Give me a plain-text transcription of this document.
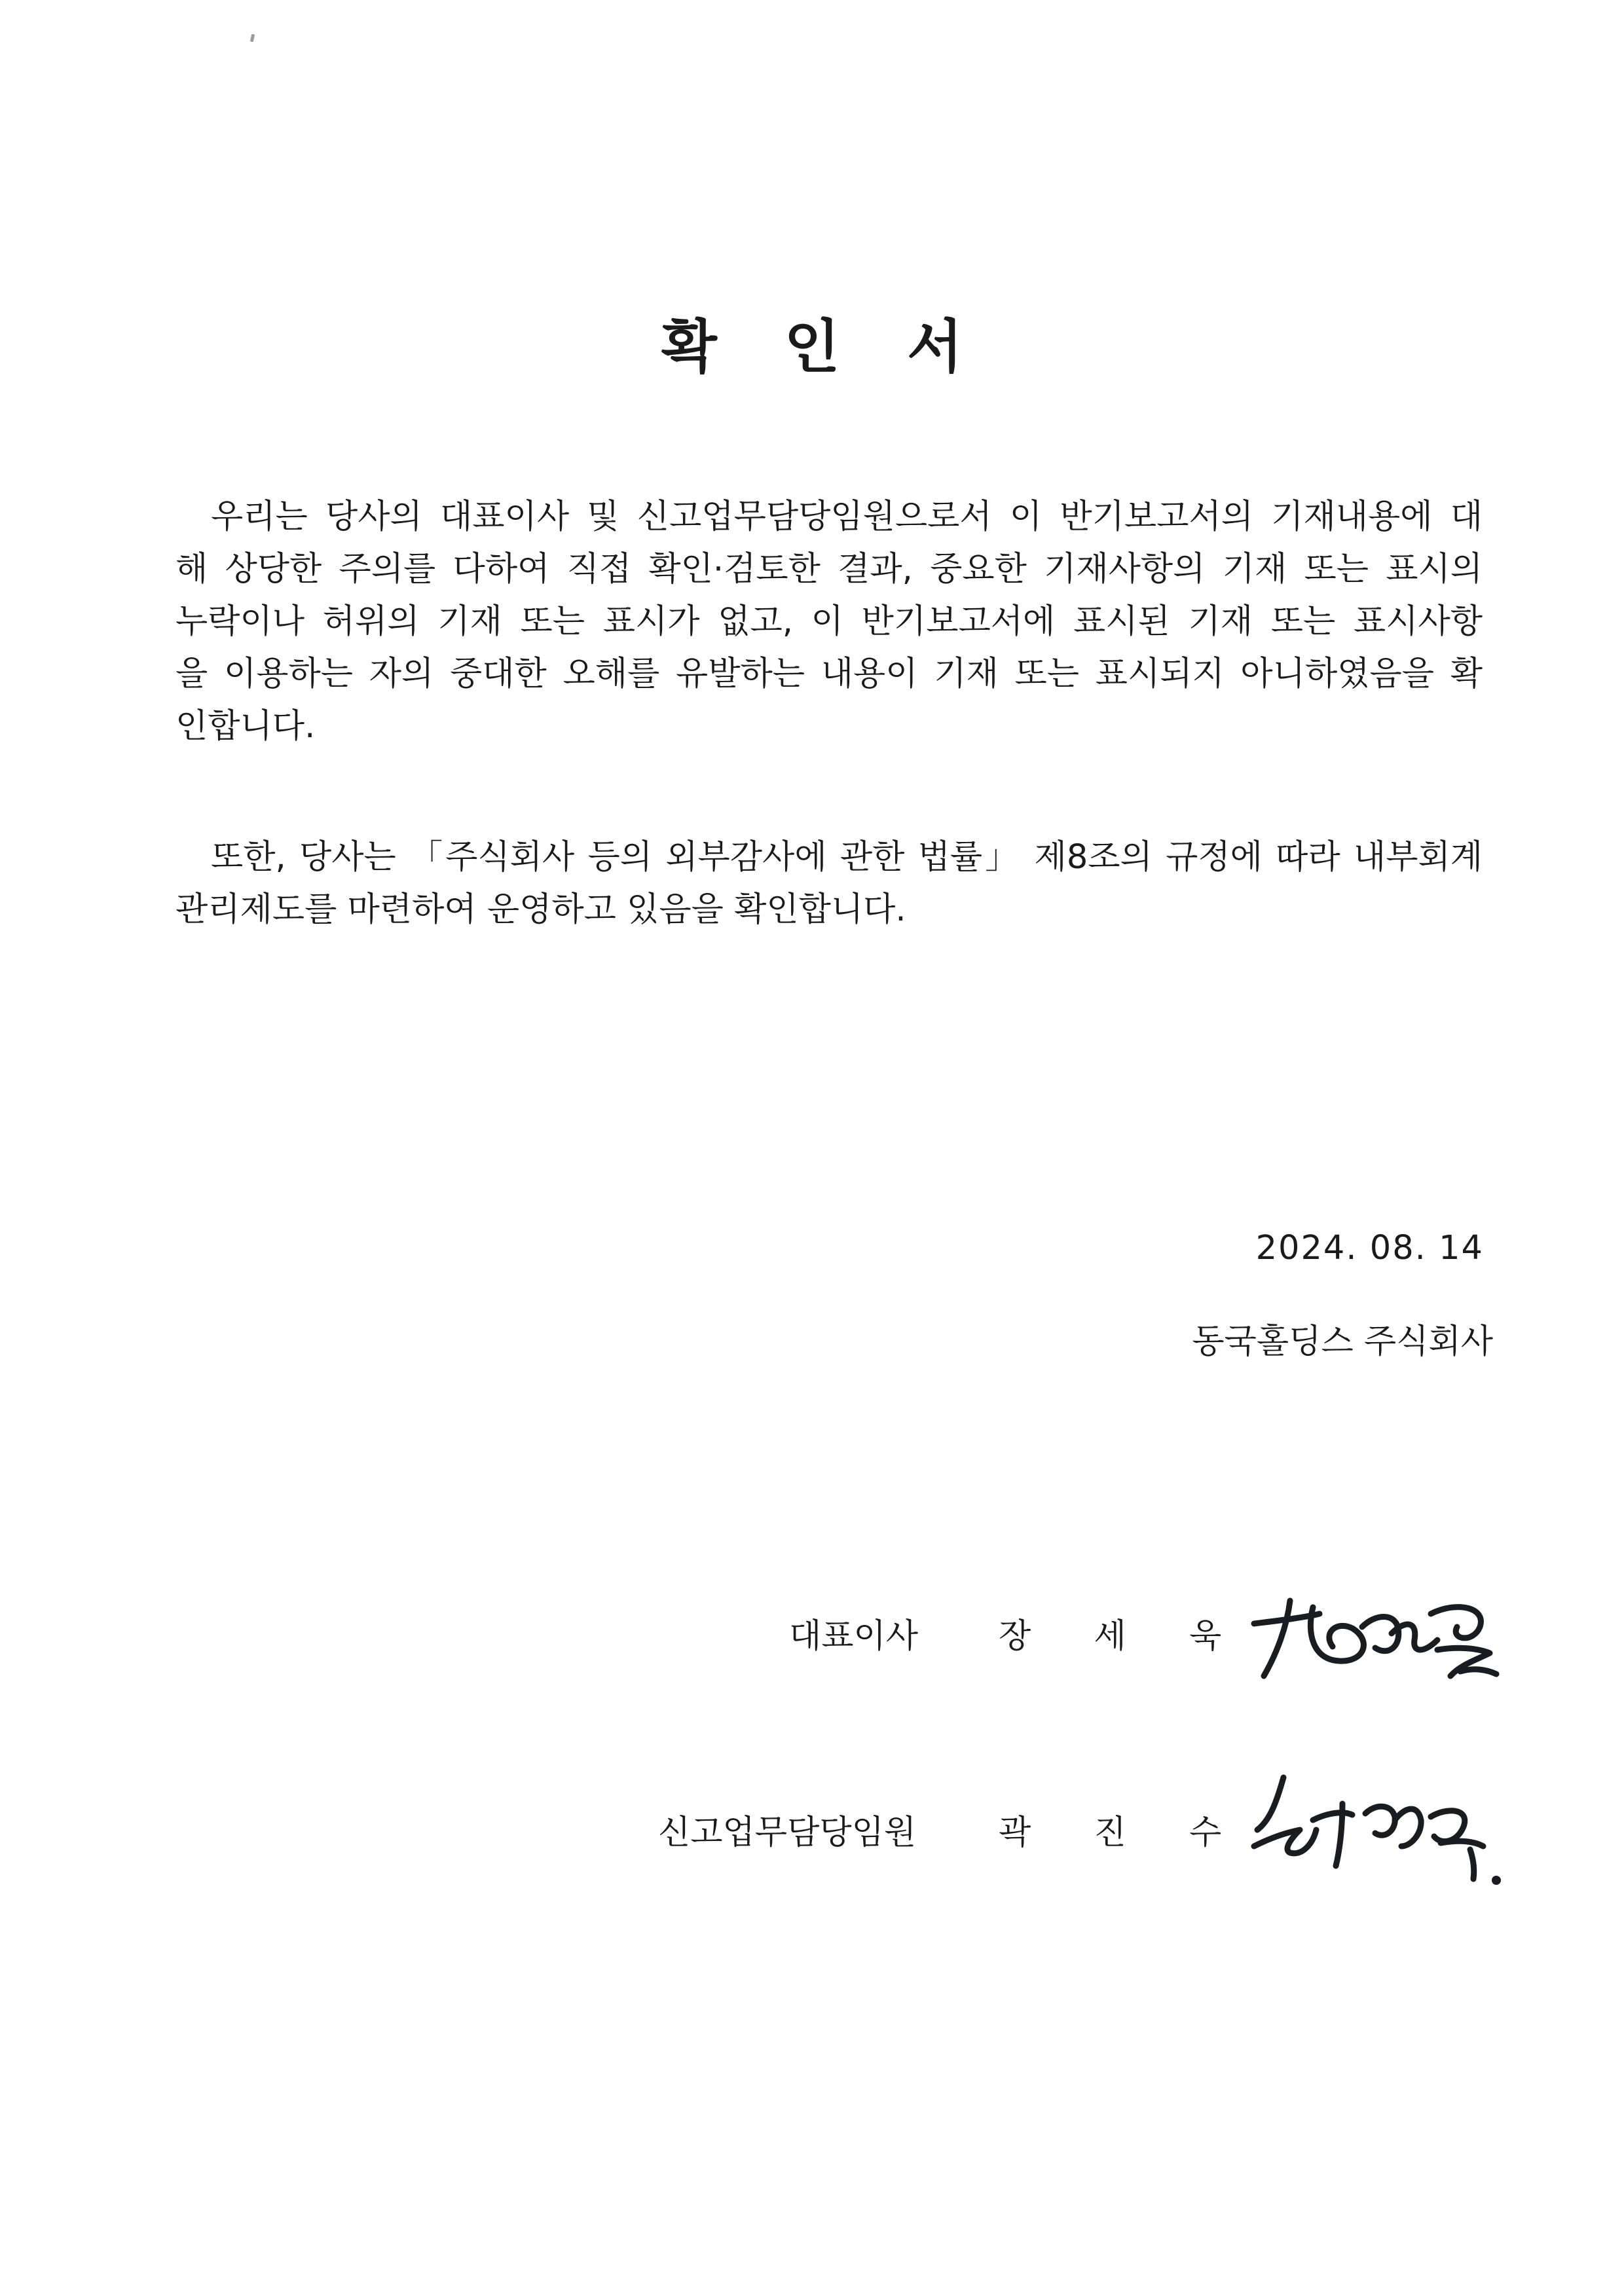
확 인 서
우리는 당사의 대표이사 및 신고업무담당임원으로서 이 반기보고서의 기재내용에 대
해 상당한 주의를 다하여 직접 확인·검토한 결과, 중요한 기재사항의 기재 또는 표시의
누락이나 허위의 기재 또는 표시가 없고, 이 반기보고서에 표시된 기재 또는 표시사항
을 이용하는 자의 중대한 오해를 유발하는 내용이 기재 또는 표시되지 아니하였음을 확
인합니다.
또한, 당사는 「주식회사 등의 외부감사에 관한 법률」 제8조의 규정에 따라 내부회계
관리제도를 마련하여 운영하고 있음을 확인합니다.
2024. 08. 14
동국홀딩스 주식회사
대표이사 장 세 욱
신고업무담당임원 곽 진 수
